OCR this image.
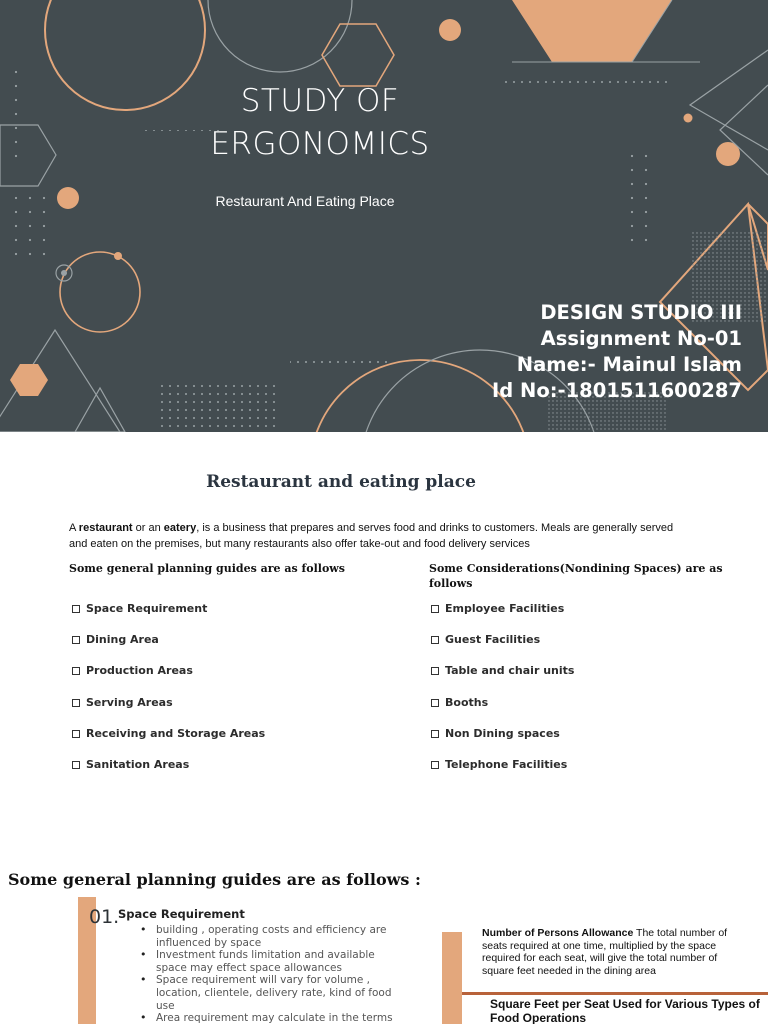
STUDY OF
ERGONOMICS
Restaurant And Eating Place
DESIGN STUDIO III
Assignment No-01
Name:- Mainul Islam
Id No:-1801511600287
Restaurant and eating place
A restaurant or an eatery, is a business that prepares and serves food and drinks to customers. Meals are generally served and eaten on the premises, but many restaurants also offer take-out and food delivery services
Some general planning guides are as follows
Space Requirement
Dining Area
Production Areas
Serving Areas
Receiving and Storage Areas
Sanitation Areas
Some Considerations(Nondining Spaces) are as follows
Employee Facilities
Guest Facilities
Table and chair units
Booths
Non Dining spaces
Telephone Facilities
Some general planning guides are as follows :
01.
Space Requirement
• building , operating costs and efficiency are influenced by space
• Investment funds limitation and available space may effect space allowances
• Space requirement will vary for volume , location, clientele, delivery rate, kind of food use
• Area requirement may calculate in the terms
Number of Persons Allowance The total number of seats required at one time, multiplied by the space required for each seat, will give the total number of square feet needed in the dining area
Square Feet per Seat Used for Various Types of Food Operations
